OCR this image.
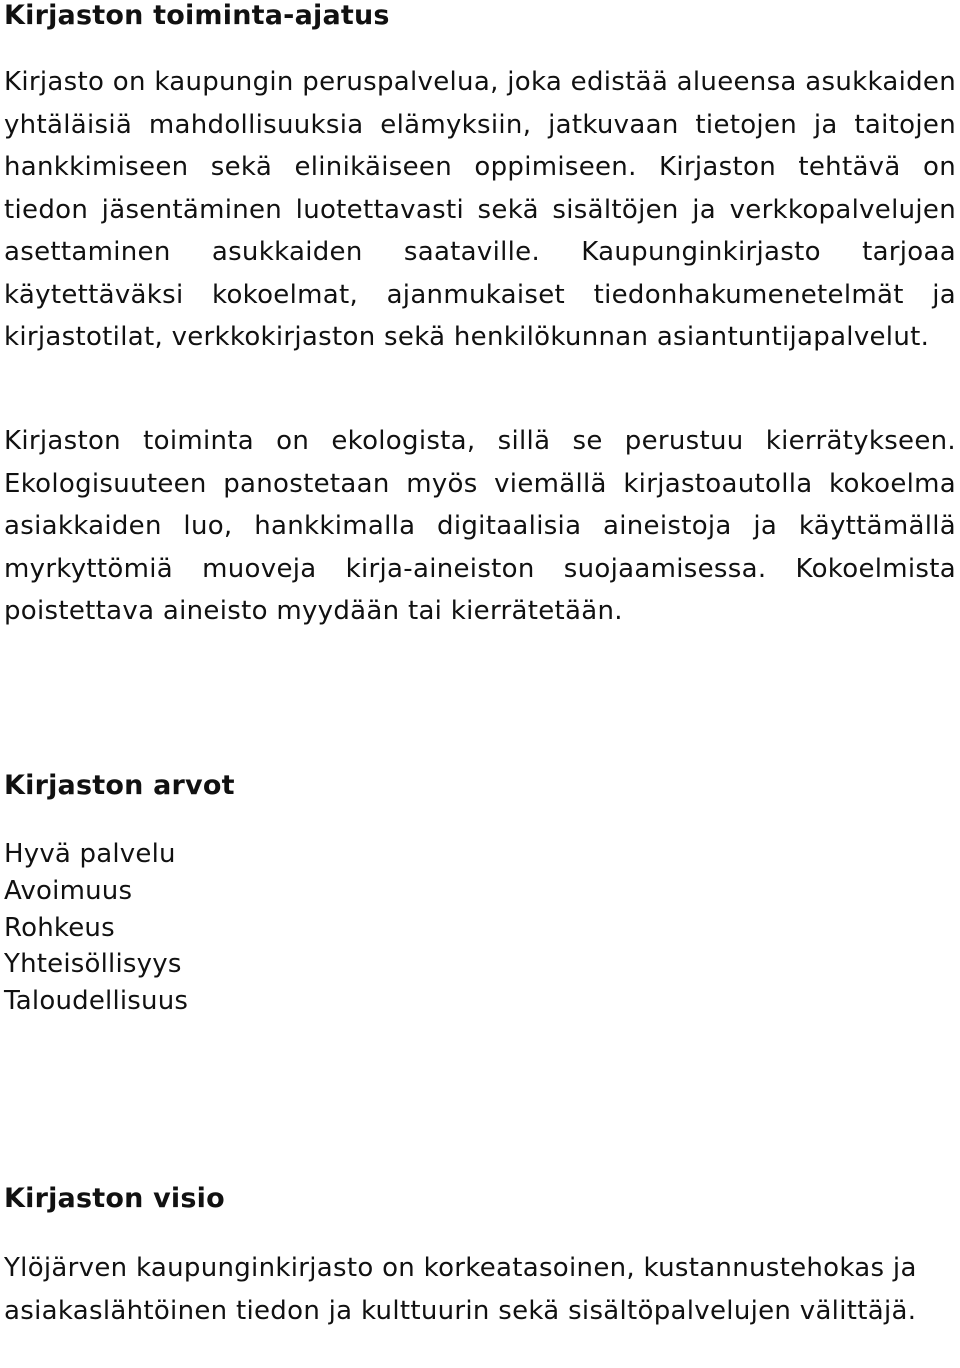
Kirjaston toiminta-ajatus

Kirjasto on kaupungin peruspalvelua, joka edistää alueensa asukkaiden yhtäläisiä mahdollisuuksia elämyksiin, jatkuvaan tietojen ja taitojen hankkimiseen sekä elinikäiseen oppimiseen. Kirjaston tehtävä on tiedon jäsentäminen luotettavasti sekä sisältöjen ja verkkopalvelujen asettaminen asukkaiden saataville. Kaupunginkirjasto tarjoaa käytettäväksi kokoelmat, ajanmukaiset tiedonhakumenetelmät ja kirjastotilat, verkkokirjaston sekä henkilökunnan asiantuntijapalvelut.

Kirjaston toiminta on ekologista, sillä se perustuu kierrätykseen. Ekologisuuteen panostetaan myös viemällä kirjastoautolla kokoelma asiakkaiden luo, hankkimalla digitaalisia aineistoja ja käyttämällä myrkyttömiä muoveja kirja-aineiston suojaamisessa. Kokoelmista poistettava aineisto myydään tai kierrätetään.

Kirjaston arvot
Hyvä palvelu
Avoimuus
Rohkeus
Yhteisöllisyys
Taloudellisuus
Kirjaston visio

Ylöjärven kaupunginkirjasto on korkeatasoinen, kustannustehokas ja asiakaslähtöinen tiedon ja kulttuurin sekä sisältöpalvelujen välittäjä.
